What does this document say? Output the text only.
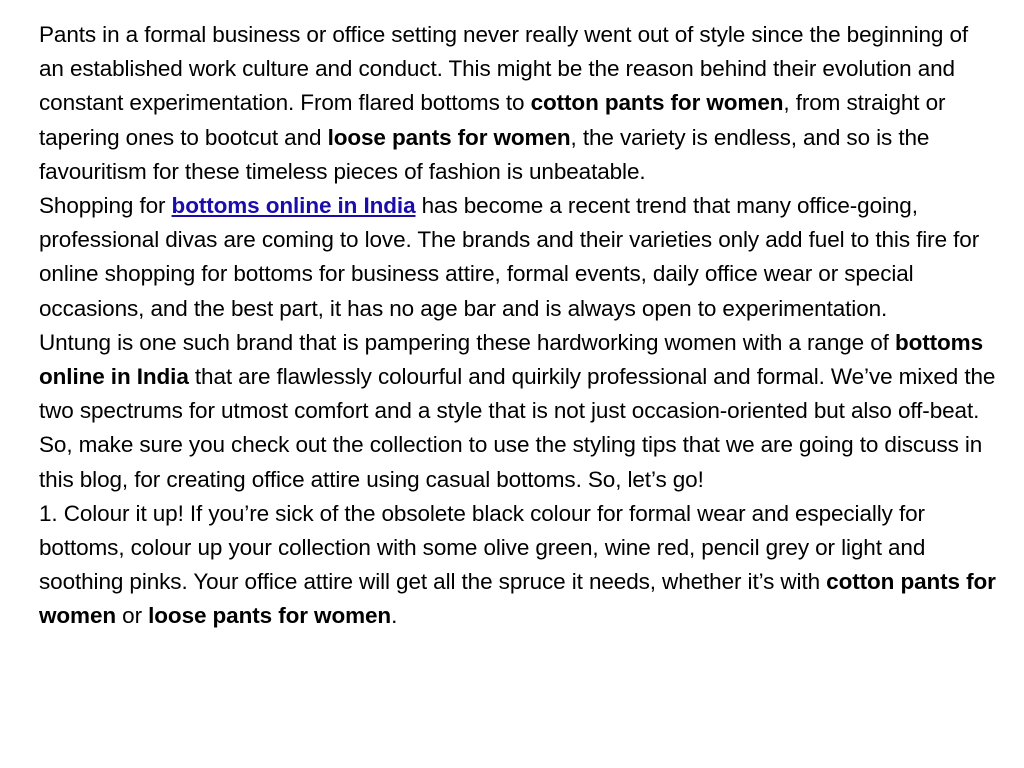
Pants in a formal business or office setting never really went out of style since the beginning of an established work culture and conduct. This might be the reason behind their evolution and constant experimentation. From flared bottoms to cotton pants for women, from straight or tapering ones to bootcut and loose pants for women, the variety is endless, and so is the favouritism for these timeless pieces of fashion is unbeatable.

Shopping for bottoms online in India has become a recent trend that many office-going, professional divas are coming to love. The brands and their varieties only add fuel to this fire for online shopping for bottoms for business attire, formal events, daily office wear or special occasions, and the best part, it has no age bar and is always open to experimentation.

Untung is one such brand that is pampering these hardworking women with a range of bottoms online in India that are flawlessly colourful and quirkily professional and formal. We’ve mixed the two spectrums for utmost comfort and a style that is not just occasion-oriented but also off-beat. So, make sure you check out the collection to use the styling tips that we are going to discuss in this blog, for creating office attire using casual bottoms. So, let’s go!

1. Colour it up! If you’re sick of the obsolete black colour for formal wear and especially for bottoms, colour up your collection with some olive green, wine red, pencil grey or light and soothing pinks. Your office attire will get all the spruce it needs, whether it’s with cotton pants for women or loose pants for women.
